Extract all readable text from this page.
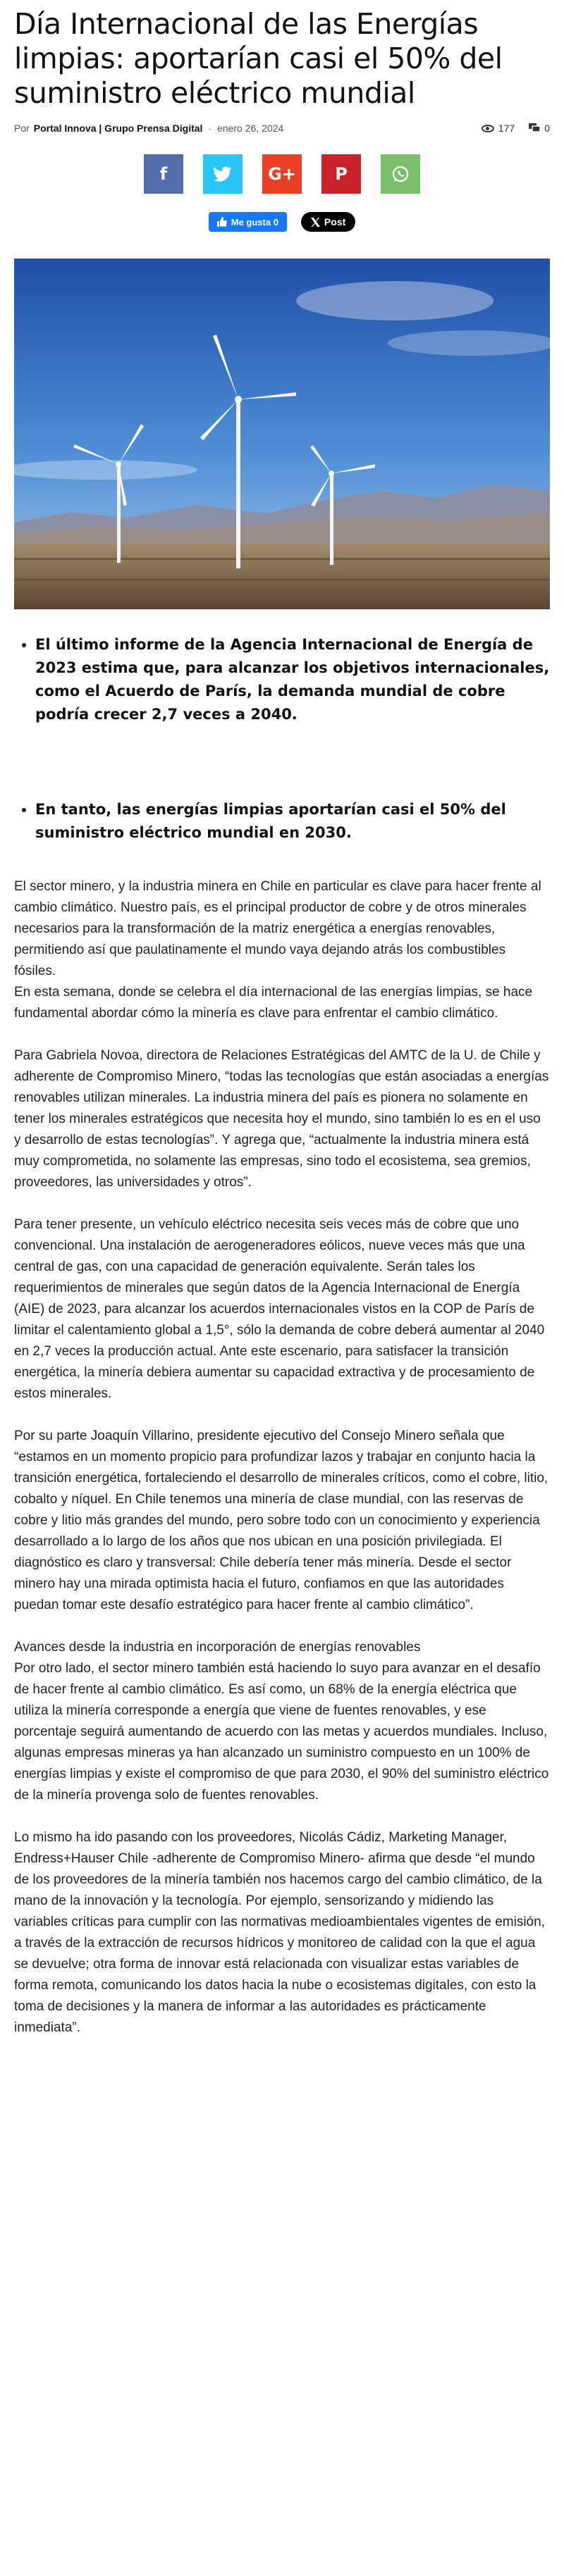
Día Internacional de las Energías limpias: aportarían casi el 50% del suministro eléctrico mundial
Por Portal Innova | Grupo Prensa Digital - enero 26, 2024	177	0
f	G+ P
Me gusta 0	Post
• El último informe de la Agencia Internacional de Energía de 2023 estima que, para alcanzar los objetivos internacionales, como el Acuerdo de París, la demanda mundial de cobre podría crecer 2,7 veces a 2040.
• En tanto, las energías limpias aportarían casi el 50% del suministro eléctrico mundial en 2030.

El sector minero, y la industria minera en Chile en particular es clave para hacer frente al cambio climático. Nuestro país, es el principal productor de cobre y de otros minerales necesarios para la transformación de la matriz energética a energías renovables, permitiendo así que paulatinamente el mundo vaya dejando atrás los combustibles fósiles.

En esta semana, donde se celebra el día internacional de las energías limpias, se hace fundamental abordar cómo la minería es clave para enfrentar el cambio climático.

Para Gabriela Novoa, directora de Relaciones Estratégicas del AMTC de la U. de Chile y adherente de Compromiso Minero, “todas las tecnologías que están asociadas a energías renovables utilizan minerales. La industria minera del país es pionera no solamente en tener los minerales estratégicos que necesita hoy el mundo, sino también lo es en el uso y desarrollo de estas tecnologías”. Y agrega que, “actualmente la industria minera está muy comprometida, no solamente las empresas, sino todo el ecosistema, sea gremios, proveedores, las universidades y otros”.

Para tener presente, un vehículo eléctrico necesita seis veces más de cobre que uno convencional. Una instalación de aerogeneradores eólicos, nueve veces más que una central de gas, con una capacidad de generación equivalente. Serán tales los requerimientos de minerales que según datos de la Agencia Internacional de Energía (AIE) de 2023, para alcanzar los acuerdos internacionales vistos en la COP de París de limitar el calentamiento global a 1,5°, sólo la demanda de cobre deberá aumentar al 2040 en 2,7 veces la producción actual. Ante este escenario, para satisfacer la transición energética, la minería debiera aumentar su capacidad extractiva y de procesamiento de estos minerales.

Por su parte Joaquín Villarino, presidente ejecutivo del Consejo Minero señala que “estamos en un momento propicio para profundizar lazos y trabajar en conjunto hacia la transición energética, fortaleciendo el desarrollo de minerales críticos, como el cobre, litio, cobalto y níquel. En Chile tenemos una minería de clase mundial, con las reservas de cobre y litio más grandes del mundo, pero sobre todo con un conocimiento y experiencia desarrollado a lo largo de los años que nos ubican en una posición privilegiada. El diagnóstico es claro y transversal: Chile debería tener más minería. Desde el sector minero hay una mirada optimista hacia el futuro, confiamos en que las autoridades puedan tomar este desafío estratégico para hacer frente al cambio climático”.

Avances desde la industria en incorporación de energías renovables

Por otro lado, el sector minero también está haciendo lo suyo para avanzar en el desafío de hacer frente al cambio climático. Es así como, un 68% de la energía eléctrica que utiliza la minería corresponde a energía que viene de fuentes renovables, y ese porcentaje seguirá aumentando de acuerdo con las metas y acuerdos mundiales. Incluso, algunas empresas mineras ya han alcanzado un suministro compuesto en un 100% de energías limpias y existe el compromiso de que para 2030, el 90% del suministro eléctrico de la minería provenga solo de fuentes renovables.

Lo mismo ha ido pasando con los proveedores, Nicolás Cádiz, Marketing Manager, Endress+Hauser Chile -adherente de Compromiso Minero- afirma que desde “el mundo de los proveedores de la minería también nos hacemos cargo del cambio climático, de la mano de la innovación y la tecnología. Por ejemplo, sensorizando y midiendo las variables críticas para cumplir con las normativas medioambientales vigentes de emisión, a través de la extracción de recursos hídricos y monitoreo de calidad con la que el agua se devuelve; otra forma de innovar está relacionada con visualizar estas variables de forma remota, comunicando los datos hacia la nube o ecosistemas digitales, con esto la toma de decisiones y la manera de informar a las autoridades es prácticamente inmediata”.
